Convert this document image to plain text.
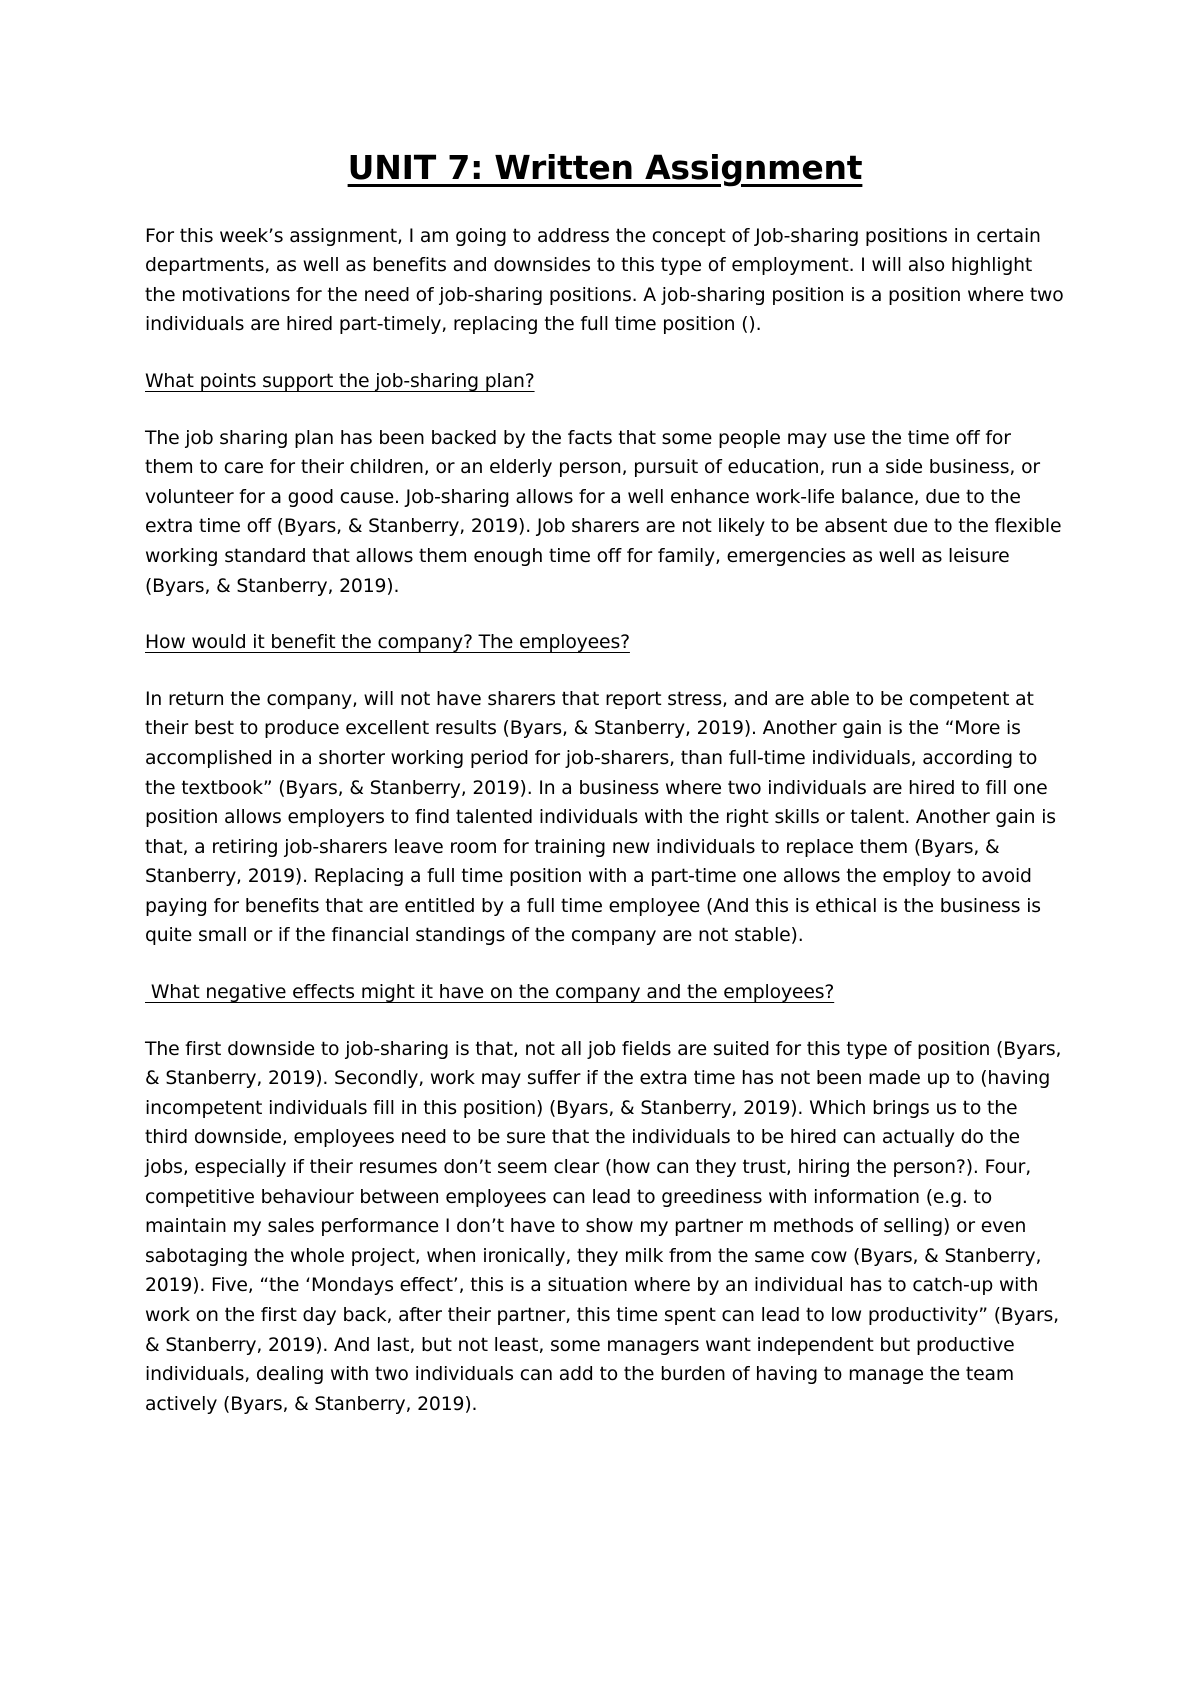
UNIT 7: Written Assignment

For this week’s assignment, I am going to address the concept of Job-sharing positions in certain departments, as well as benefits and downsides to this type of employment. I will also highlight the motivations for the need of job-sharing positions. A job-sharing position is a position where two individuals are hired part-timely, replacing the full time position ().

What points support the job-sharing plan?

The job sharing plan has been backed by the facts that some people may use the time off for them to care for their children, or an elderly person, pursuit of education, run a side business, or volunteer for a good cause. Job-sharing allows for a well enhance work-life balance, due to the extra time off (Byars, & Stanberry, 2019). Job sharers are not likely to be absent due to the flexible working standard that allows them enough time off for family, emergencies as well as leisure (Byars, & Stanberry, 2019).

How would it benefit the company? The employees?

In return the company, will not have sharers that report stress, and are able to be competent at their best to produce excellent results (Byars, & Stanberry, 2019). Another gain is the “More is accomplished in a shorter working period for job-sharers, than full-time individuals, according to the textbook” (Byars, & Stanberry, 2019). In a business where two individuals are hired to fill one position allows employers to find talented individuals with the right skills or talent. Another gain is that, a retiring job-sharers leave room for training new individuals to replace them (Byars, & Stanberry, 2019). Replacing a full time position with a part-time one allows the employ to avoid paying for benefits that are entitled by a full time employee (And this is ethical is the business is quite small or if the financial standings of the company are not stable).

What negative effects might it have on the company and the employees?

The first downside to job-sharing is that, not all job fields are suited for this type of position (Byars, & Stanberry, 2019). Secondly, work may suffer if the extra time has not been made up to (having incompetent individuals fill in this position) (Byars, & Stanberry, 2019). Which brings us to the third downside, employees need to be sure that the individuals to be hired can actually do the jobs, especially if their resumes don’t seem clear (how can they trust, hiring the person?). Four, competitive behaviour between employees can lead to greediness with information (e.g. to maintain my sales performance I don’t have to show my partner m methods of selling) or even sabotaging the whole project, when ironically, they milk from the same cow (Byars, & Stanberry, 2019). Five, “the ‘Mondays effect’, this is a situation where by an individual has to catch-up with work on the first day back, after their partner, this time spent can lead to low productivity” (Byars, & Stanberry, 2019). And last, but not least, some managers want independent but productive individuals, dealing with two individuals can add to the burden of having to manage the team actively (Byars, & Stanberry, 2019).
